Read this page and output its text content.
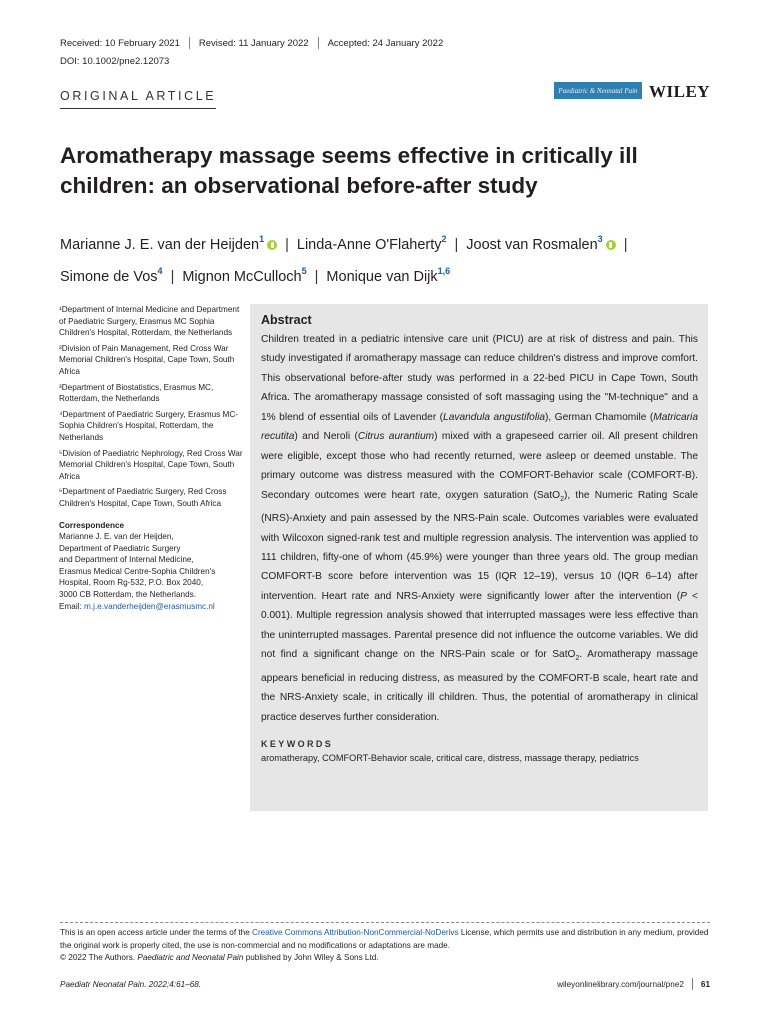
Received: 10 February 2021 Revised: 11 January 2022 Accepted: 24 January 2022
DOI: 10.1002/pne2.12073
ORIGINAL ARTICLE	Paediatric & Neonatal Pain WILEY
Aromatherapy massage seems effective in critically ill children: an observational before-after study
Marianne J. E. van der Heijden$^1$ | Linda-Anne O'Flaherty$^2$ | Joost van Rosmalen$^3$ |
Simone de Vos$^4$ | Mignon McCulloch$^5$ | Monique van Dijk$^{1,6}$

¹Department of Internal Medicine and Department of Paediatric Surgery, Erasmus MC Sophia Children's Hospital, Rotterdam, the Netherlands

²Division of Pain Management, Red Cross War Memorial Children's Hospital, Cape Town, South Africa

³Department of Biostatistics, Erasmus MC, Rotterdam, the Netherlands

⁴Department of Paediatric Surgery, Erasmus MC-Sophia Children's Hospital, Rotterdam, the Netherlands

⁵Division of Paediatric Nephrology, Red Cross War Memorial Children's Hospital, Cape Town, South Africa

⁶Department of Paediatric Surgery, Red Cross Children's Hospital, Cape Town, South Africa

Correspondence

Marianne J. E. van der Heijden,

Department of Paediatric Surgery

and Department of Internal Medicine,

Erasmus Medical Centre-Sophia Children's

Hospital, Room Rg-532, P.O. Box 2040,

3000 CB Rotterdam, the Netherlands.

Email: m.j.e.vanderheijden@erasmusmc.nl

Abstract

Children treated in a pediatric intensive care unit (PICU) are at risk of distress and pain. This study investigated if aromatherapy massage can reduce children's distress and improve comfort. This observational before-after study was performed in a 22-bed PICU in Cape Town, South Africa. The aromatherapy massage consisted of soft massaging using the "M-technique" and a 1% blend of essential oils of Lavender (Lavandula angustifolia), German Chamomile (Matricaria recutita) and Neroli (Citrus aurantium) mixed with a grapeseed carrier oil. All present children were eligible, except those who had recently returned, were asleep or deemed unstable. The primary outcome was distress measured with the COMFORT-Behavior scale (COMFORT-B). Secondary outcomes were heart rate, oxygen saturation (SatO$_2$), the Numeric Rating Scale (NRS)-Anxiety and pain assessed by the NRS-Pain scale. Outcomes variables were evaluated with Wilcoxon signed-rank test and multiple regression analysis. The intervention was applied to 111 children, fifty-one of whom (45.9%) were younger than three years old. The group median COMFORT-B score before intervention was 15 (IQR 12–19), versus 10 (IQR 6–14) after intervention. Heart rate and NRS-Anxiety were significantly lower after the intervention (P < 0.001). Multiple regression analysis showed that interrupted massages were less effective than the uninterrupted massages. Parental presence did not influence the outcome variables. We did not find a significant change on the NRS-Pain scale or for SatO$_2$. Aromatherapy massage appears beneficial in reducing distress, as measured by the COMFORT-B scale, heart rate and the NRS-Anxiety scale, in critically ill children. Thus, the potential of aromatherapy in clinical practice deserves further consideration.

KEYWORDS

aromatherapy, COMFORT-Behavior scale, critical care, distress, massage therapy, pediatrics

This is an open access article under the terms of the Creative Commons Attribution-NonCommercial-NoDerivs License, which permits use and distribution in any medium, provided the original work is properly cited, the use is non-commercial and no modifications or adaptations are made.

© 2022 The Authors. Paediatric and Neonatal Pain published by John Wiley & Sons Ltd.

Paediatr Neonatal Pain. 2022;4:61–68.	wileyonlinelibrary.com/journal/pne2 61
